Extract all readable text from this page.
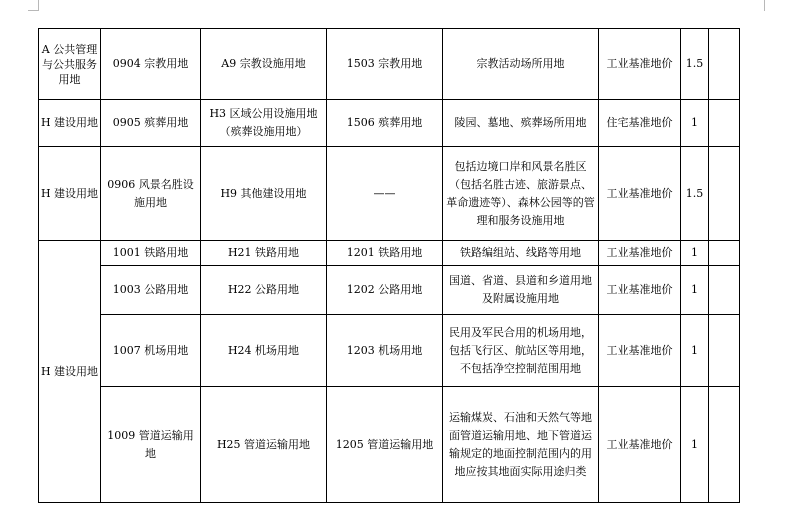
A 公共管理与公共服务用地	0904 宗教用地	A9 宗教设施用地	1503 宗教用地	宗教活动场所用地	工业基准地价	1.5	
H 建设用地	0905 殡葬用地	H3 区域公用设施用地（殡葬设施用地）	1506 殡葬用地	陵园、墓地、殡葬场所用地	住宅基准地价	1	
H 建设用地	0906 风景名胜设施用地	H9 其他建设用地	——	包括边境口岸和风景名胜区（包括名胜古迹、旅游景点、革命遗迹等）、森林公园等的管理和服务设施用地	工业基准地价	1.5	
H 建设用地	1001 铁路用地	H21 铁路用地	1201 铁路用地	铁路编组站、线路等用地	工业基准地价	1	
	1003 公路用地	H22 公路用地	1202 公路用地	国道、省道、县道和乡道用地及附属设施用地	工业基准地价	1	
	1007 机场用地	H24 机场用地	1203 机场用地	民用及军民合用的机场用地，包括飞行区、航站区等用地，不包括净空控制范围用地	工业基准地价	1	
	1009 管道运输用地	H25 管道运输用地	1205 管道运输用地	运输煤炭、石油和天然气等地面管道运输用地、地下管道运输规定的地面控制范围内的用地应按其地面实际用途归类	工业基准地价	1	
